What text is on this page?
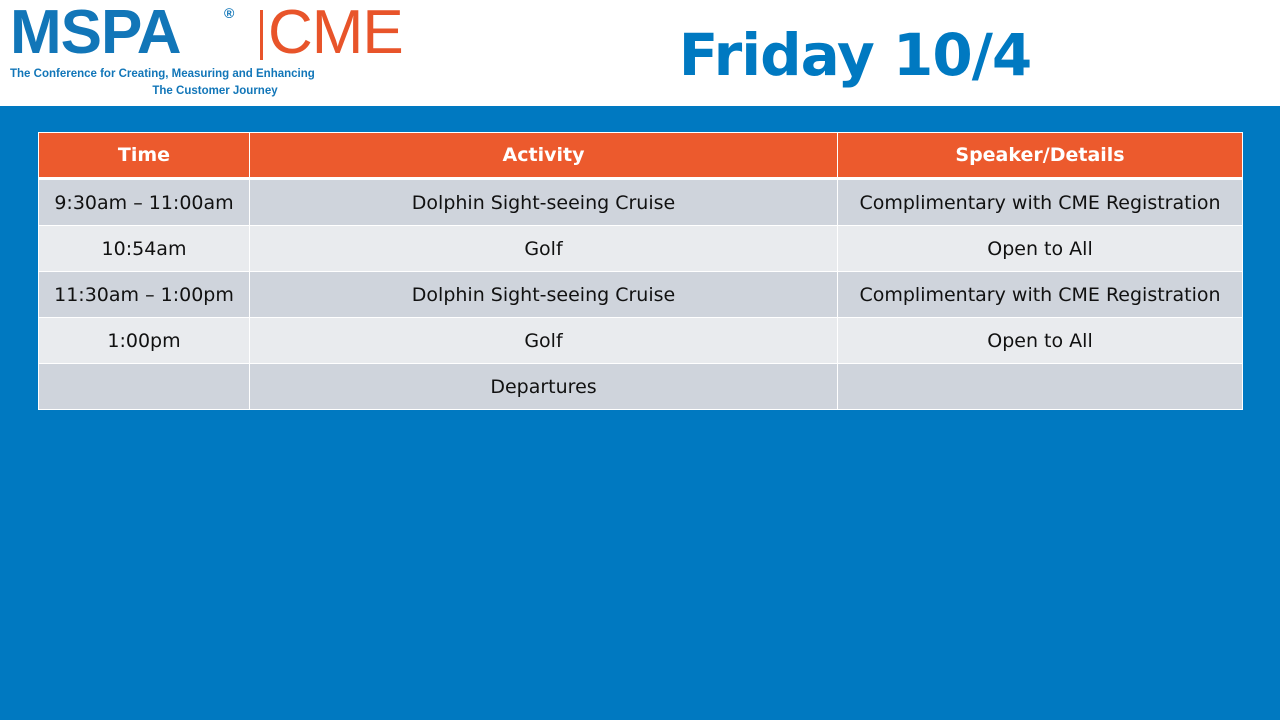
MSPA	® CME
The Conference for Creating, Measuring and Enhancing
The Customer Journey
Friday 10/4
Time	Activity	Speaker/Details
9:30am – 11:00am	Dolphin Sight-seeing Cruise	Complimentary with CME Registration
10:54am	Golf	Open to All
11:30am – 1:00pm	Dolphin Sight-seeing Cruise	Complimentary with CME Registration
1:00pm	Golf	Open to All
	Departures	
